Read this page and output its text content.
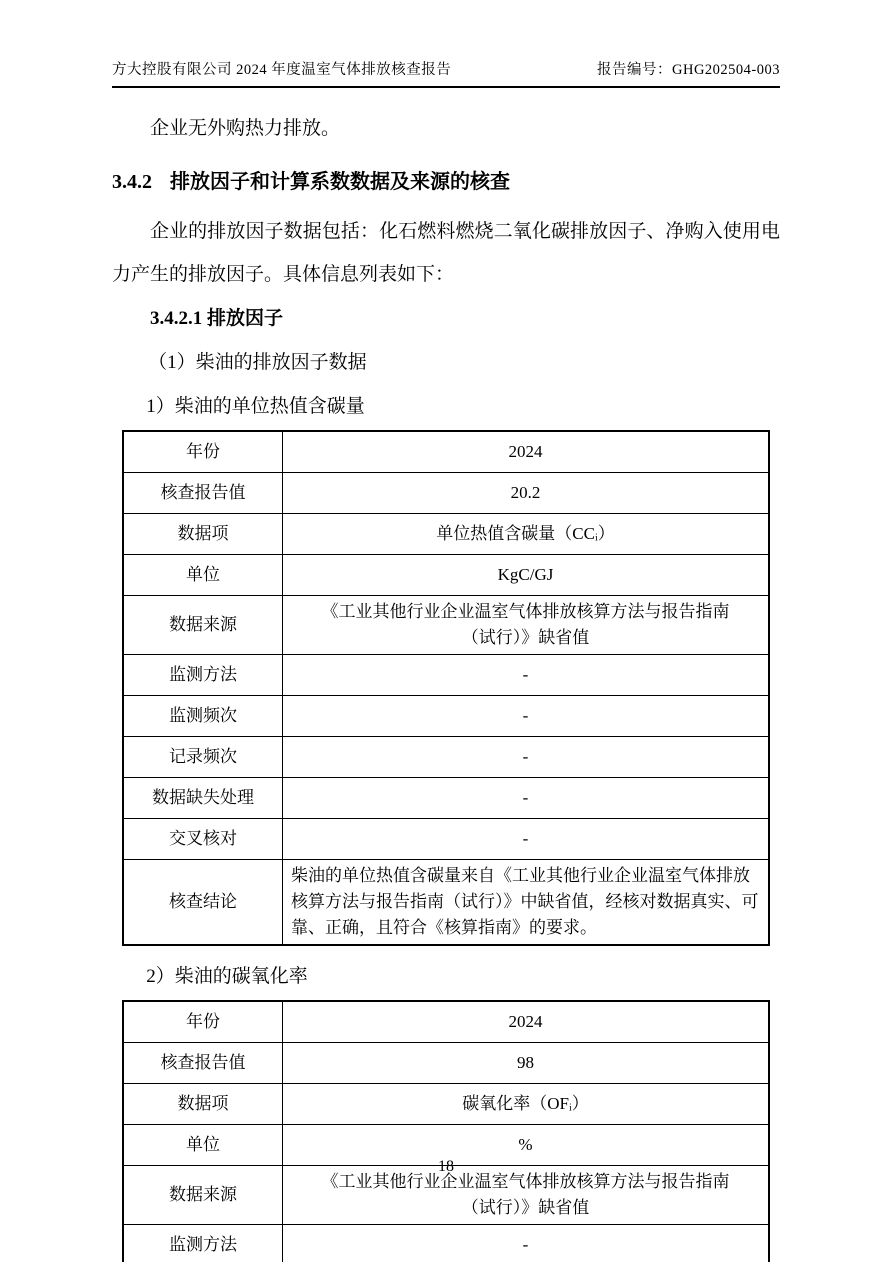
方大控股有限公司 2024 年度温室气体排放核查报告	报告编号：GHG202504-003
企业无外购热力排放。
3.4.2 排放因子和计算系数数据及来源的核查
企业的排放因子数据包括：化石燃料燃烧二氧化碳排放因子、净购入使用电力产生的排放因子。具体信息列表如下：
3.4.2.1 排放因子
（1）柴油的排放因子数据
1）柴油的单位热值含碳量
年份	2024
核查报告值	20.2
数据项	单位热值含碳量（CCᵢ）
单位	KgC/GJ
数据来源	《工业其他行业企业温室气体排放核算方法与报告指南（试行）》缺省值
监测方法	-
监测频次	-
记录频次	-
数据缺失处理	-
交叉核对	-
核查结论	柴油的单位热值含碳量来自《工业其他行业企业温室气体排放核算方法与报告指南（试行）》中缺省值，经核对数据真实、可靠、正确，且符合《核算指南》的要求。
2）柴油的碳氧化率
年份	2024
核查报告值	98
数据项	碳氧化率（OFᵢ）
单位	%
数据来源	《工业其他行业企业温室气体排放核算方法与报告指南（试行）》缺省值
监测方法	-
18
